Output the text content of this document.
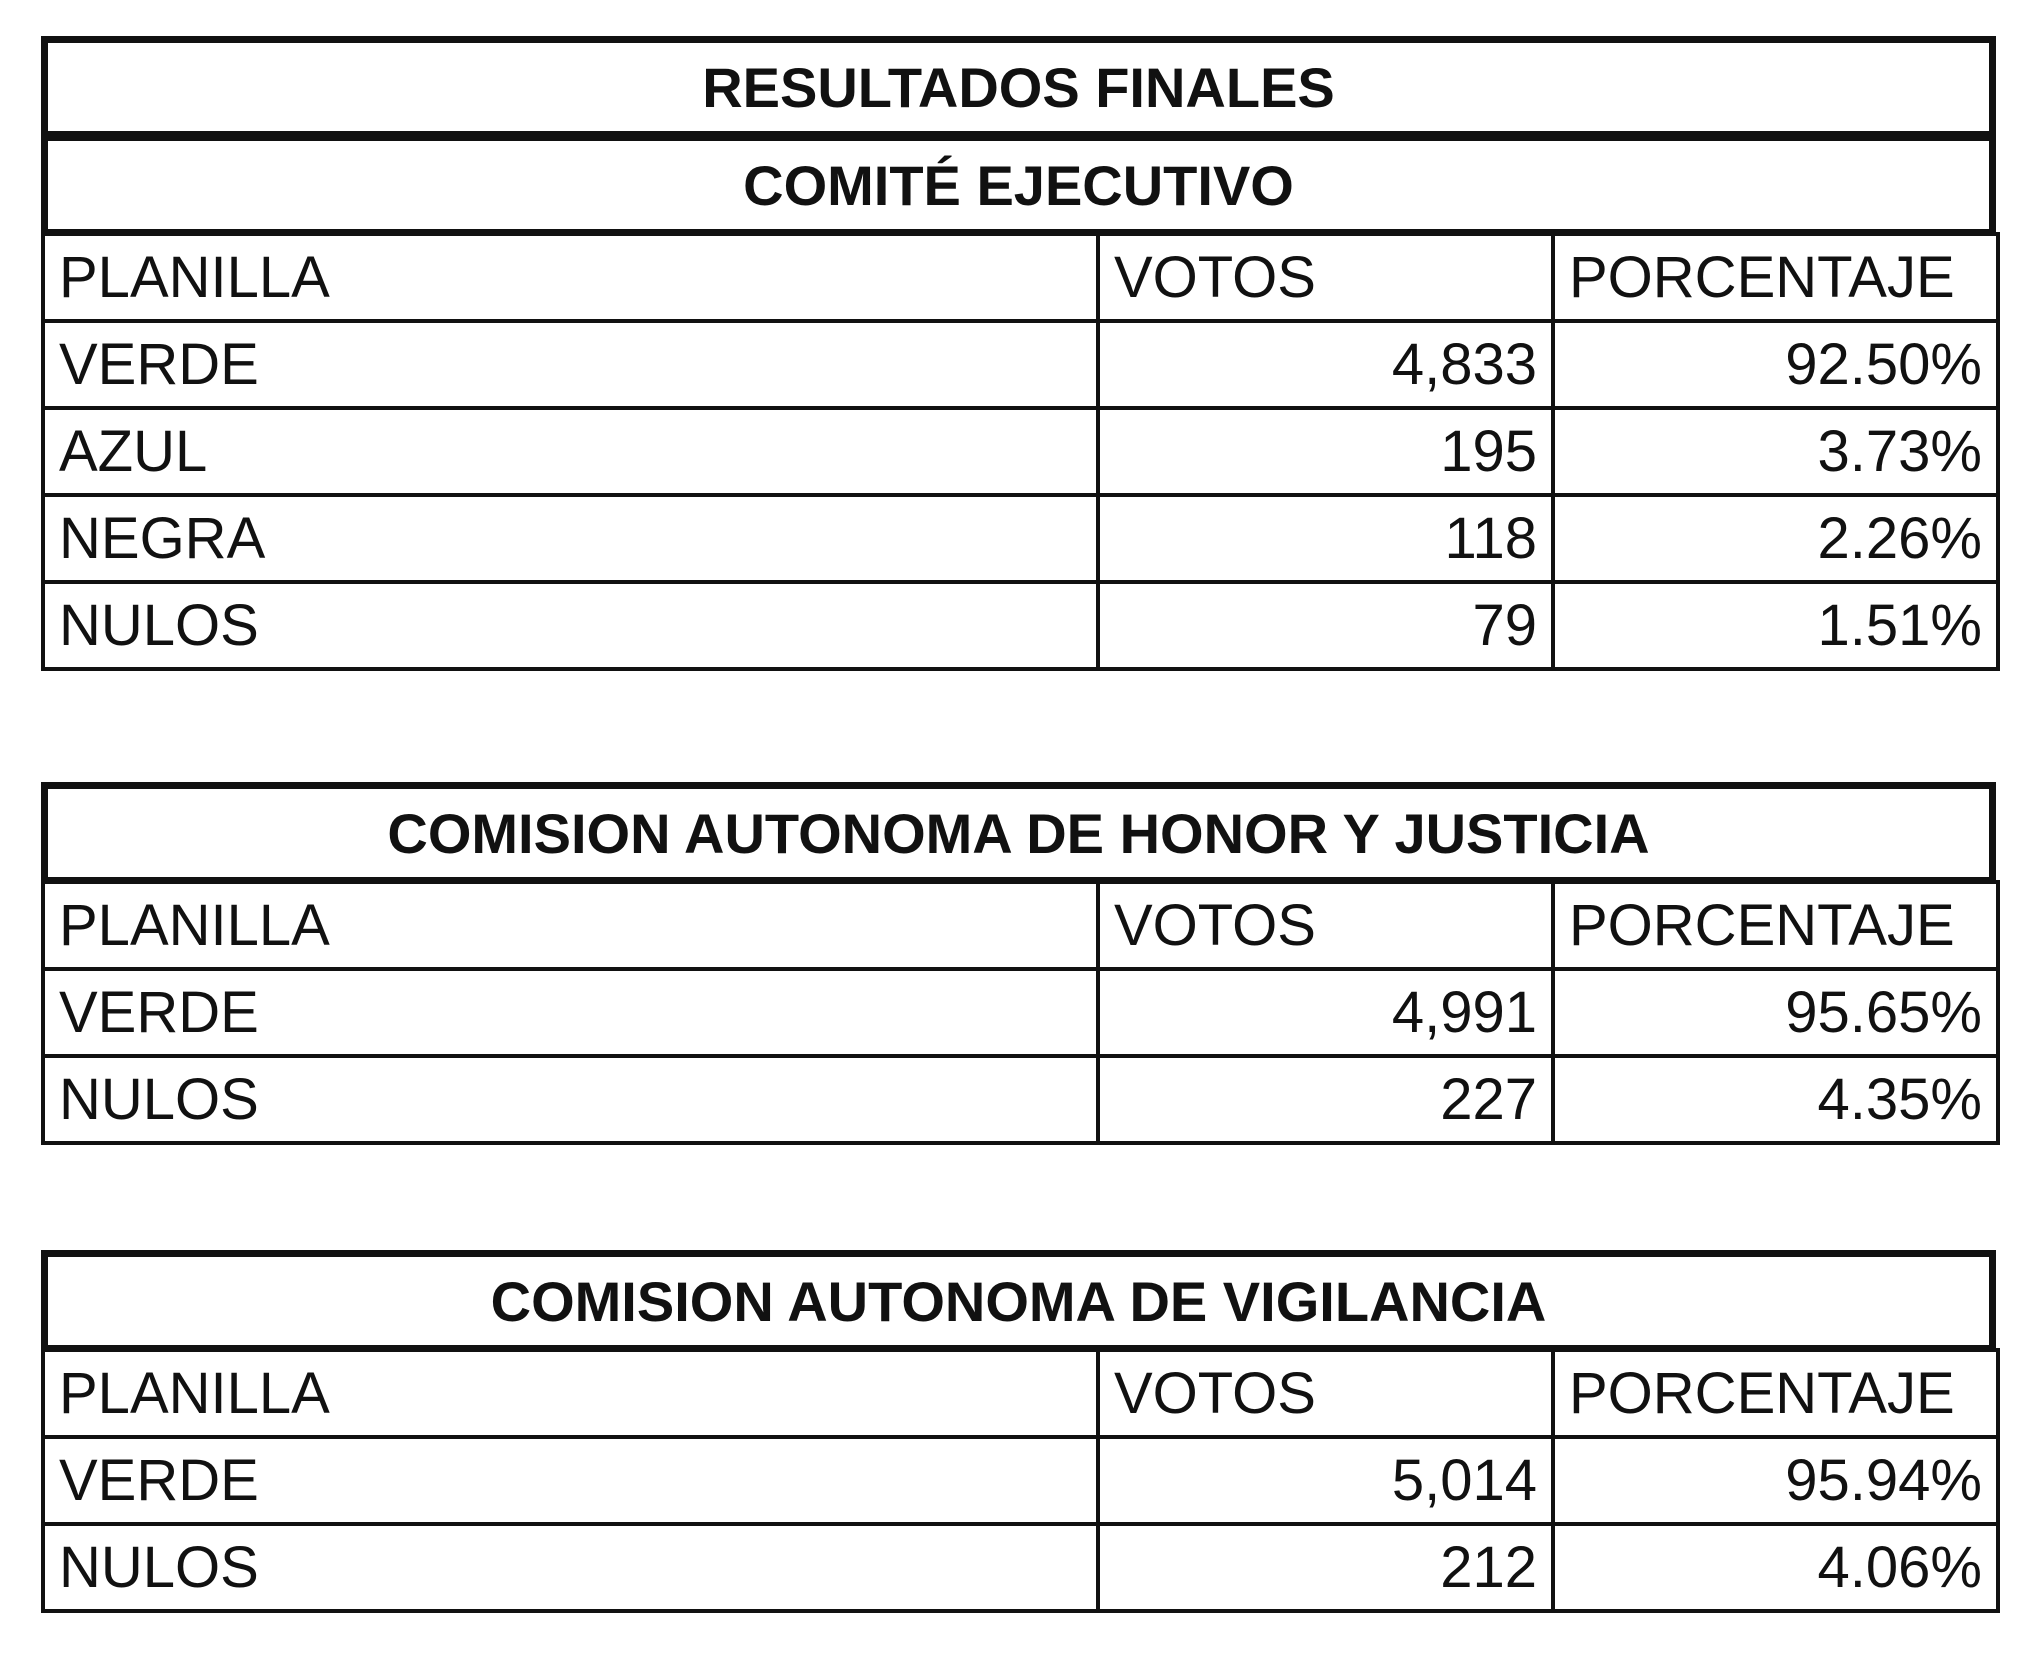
RESULTADOS FINALES
COMITÉ EJECUTIVO
PLANILLA	VOTOS	PORCENTAJE
VERDE	4,833	92.50%
AZUL	195	3.73%
NEGRA	118	2.26%
NULOS	79	1.51%
COMISION AUTONOMA DE HONOR Y JUSTICIA
PLANILLA	VOTOS	PORCENTAJE
VERDE	4,991	95.65%
NULOS	227	4.35%
COMISION AUTONOMA DE VIGILANCIA
PLANILLA	VOTOS	PORCENTAJE
VERDE	5,014	95.94%
NULOS	212	4.06%
